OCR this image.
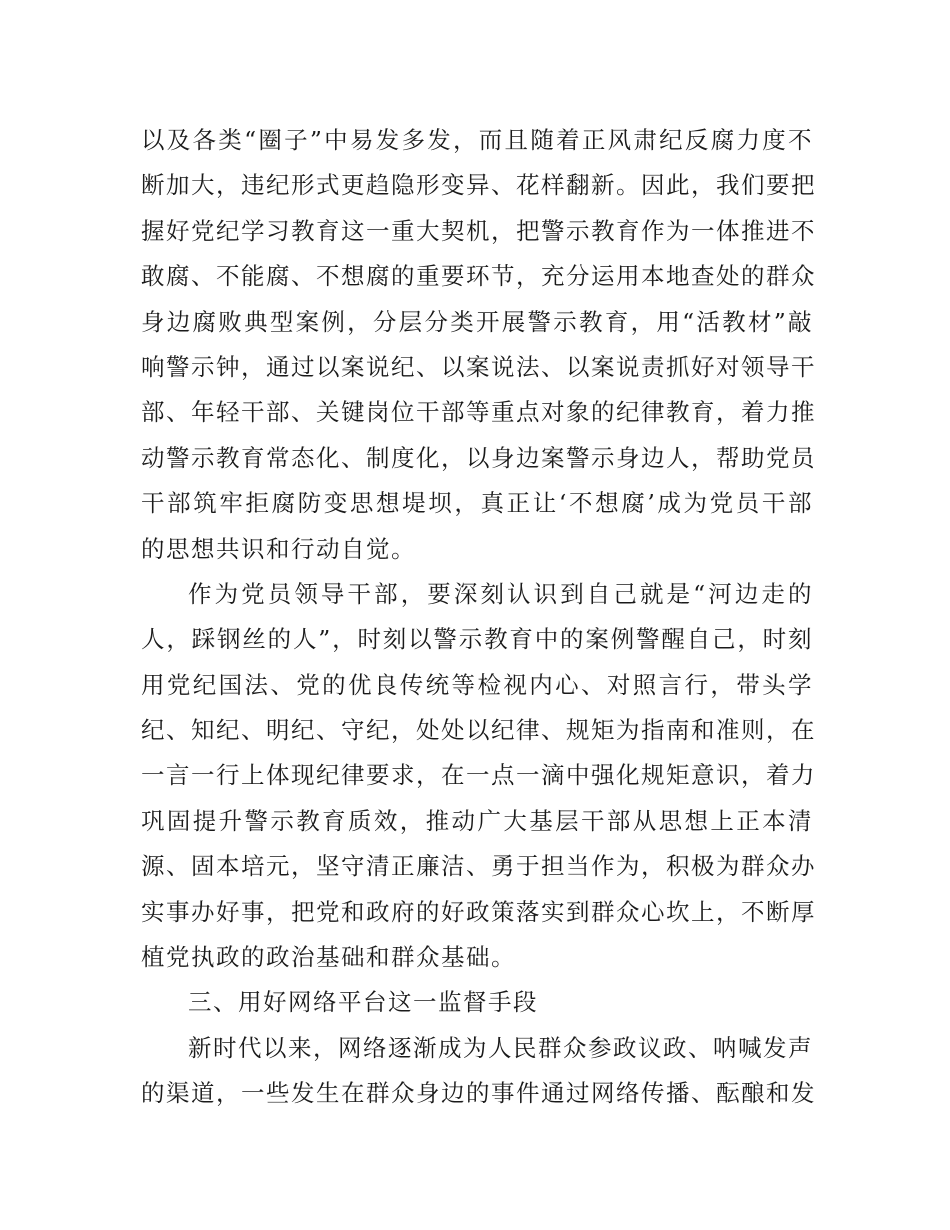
以及各类“圈子”中易发多发，而且随着正风肃纪反腐力度不
断加大，违纪形式更趋隐形变异、花样翻新。因此，我们要把
握好党纪学习教育这一重大契机，把警示教育作为一体推进不
敢腐、不能腐、不想腐的重要环节，充分运用本地查处的群众
身边腐败典型案例，分层分类开展警示教育，用“活教材”敲
响警示钟，通过以案说纪、以案说法、以案说责抓好对领导干
部、年轻干部、关键岗位干部等重点对象的纪律教育，着力推
动警示教育常态化、制度化，以身边案警示身边人，帮助党员
干部筑牢拒腐防变思想堤坝，真正让‘不想腐’成为党员干部
的思想共识和行动自觉。
作为党员领导干部，要深刻认识到自己就是“河边走的
人，踩钢丝的人”，时刻以警示教育中的案例警醒自己，时刻
用党纪国法、党的优良传统等检视内心、对照言行，带头学
纪、知纪、明纪、守纪，处处以纪律、规矩为指南和准则，在
一言一行上体现纪律要求，在一点一滴中强化规矩意识，着力
巩固提升警示教育质效，推动广大基层干部从思想上正本清
源、固本培元，坚守清正廉洁、勇于担当作为，积极为群众办
实事办好事，把党和政府的好政策落实到群众心坎上，不断厚
植党执政的政治基础和群众基础。
三、用好网络平台这一监督手段
新时代以来，网络逐渐成为人民群众参政议政、呐喊发声
的渠道，一些发生在群众身边的事件通过网络传播、酝酿和发
